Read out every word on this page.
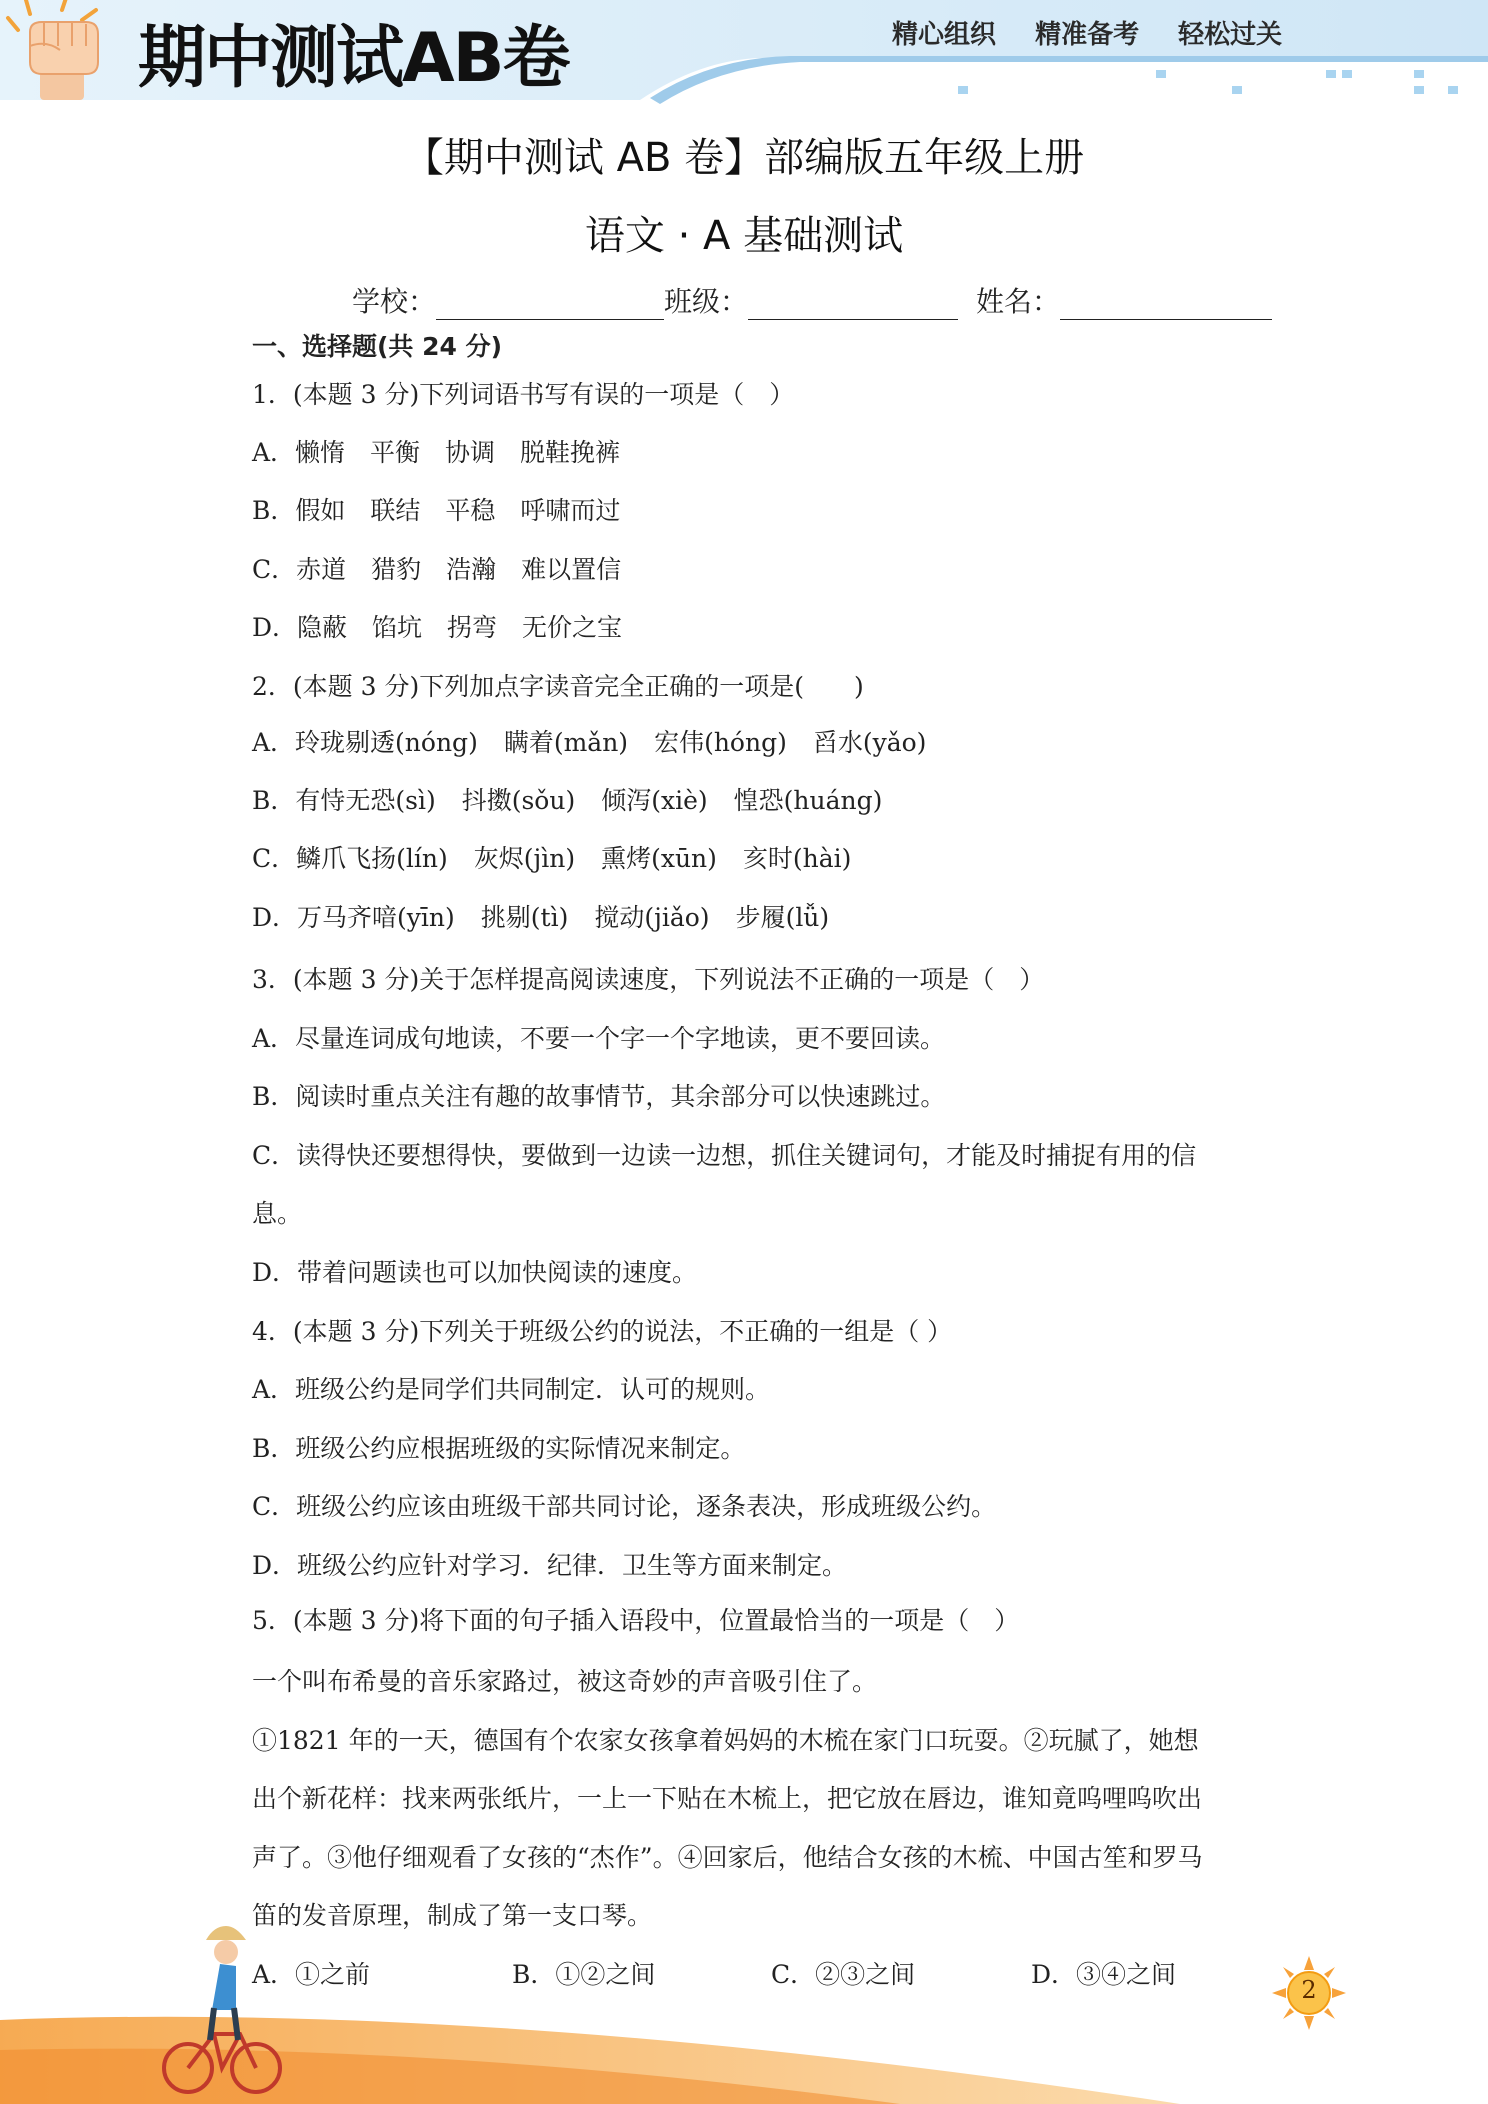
期中测试AB卷	精心组织 精准备考 轻松过关
【期中测试 AB 卷】部编版五年级上册
语文 · A 基础测试
学校：	班级：	姓名：
一、选择题(共 24 分)
1．(本题 3 分)下列词语书写有误的一项是（　）
A．懒惰　平衡　协调　脱鞋挽裤
B．假如　联结　平稳　呼啸而过
C．赤道　猎豹　浩瀚　难以置信
D．隐蔽　馅坑　拐弯　无价之宝
2．(本题 3 分)下列加点字读音完全正确的一项是(　　)
A．玲珑剔透(nóng) 瞒着(mǎn) 宏伟(hóng) 舀水(yǎo)
B．有恃无恐(sì) 抖擞(sǒu) 倾泻(xiè) 惶恐(huáng)
C．鳞爪飞扬(lín) 灰烬(jìn) 熏烤(xūn) 亥时(hài)
D．万马齐喑(yīn) 挑剔(tì) 搅动(jiǎo) 步履(lǚ)
3．(本题 3 分)关于怎样提高阅读速度，下列说法不正确的一项是（　）
A．尽量连词成句地读，不要一个字一个字地读，更不要回读。
B．阅读时重点关注有趣的故事情节，其余部分可以快速跳过。
C．读得快还要想得快，要做到一边读一边想，抓住关键词句，才能及时捕捉有用的信
息。
D．带着问题读也可以加快阅读的速度。
4．(本题 3 分)下列关于班级公约的说法，不正确的一组是（ ）
A．班级公约是同学们共同制定．认可的规则。
B．班级公约应根据班级的实际情况来制定。
C．班级公约应该由班级干部共同讨论，逐条表决，形成班级公约。
D．班级公约应针对学习．纪律．卫生等方面来制定。
5．(本题 3 分)将下面的句子插入语段中，位置最恰当的一项是（　）
一个叫布希曼的音乐家路过，被这奇妙的声音吸引住了。
①1821 年的一天，德国有个农家女孩拿着妈妈的木梳在家门口玩耍。②玩腻了，她想
出个新花样：找来两张纸片，一上一下贴在木梳上，把它放在唇边，谁知竟呜哩呜吹出
声了。③他仔细观看了女孩的“杰作”。④回家后，他结合女孩的木梳、中国古笙和罗马
笛的发音原理，制成了第一支口琴。
A．①之前	B．①②之间	C．②③之间	D．③④之间
2
